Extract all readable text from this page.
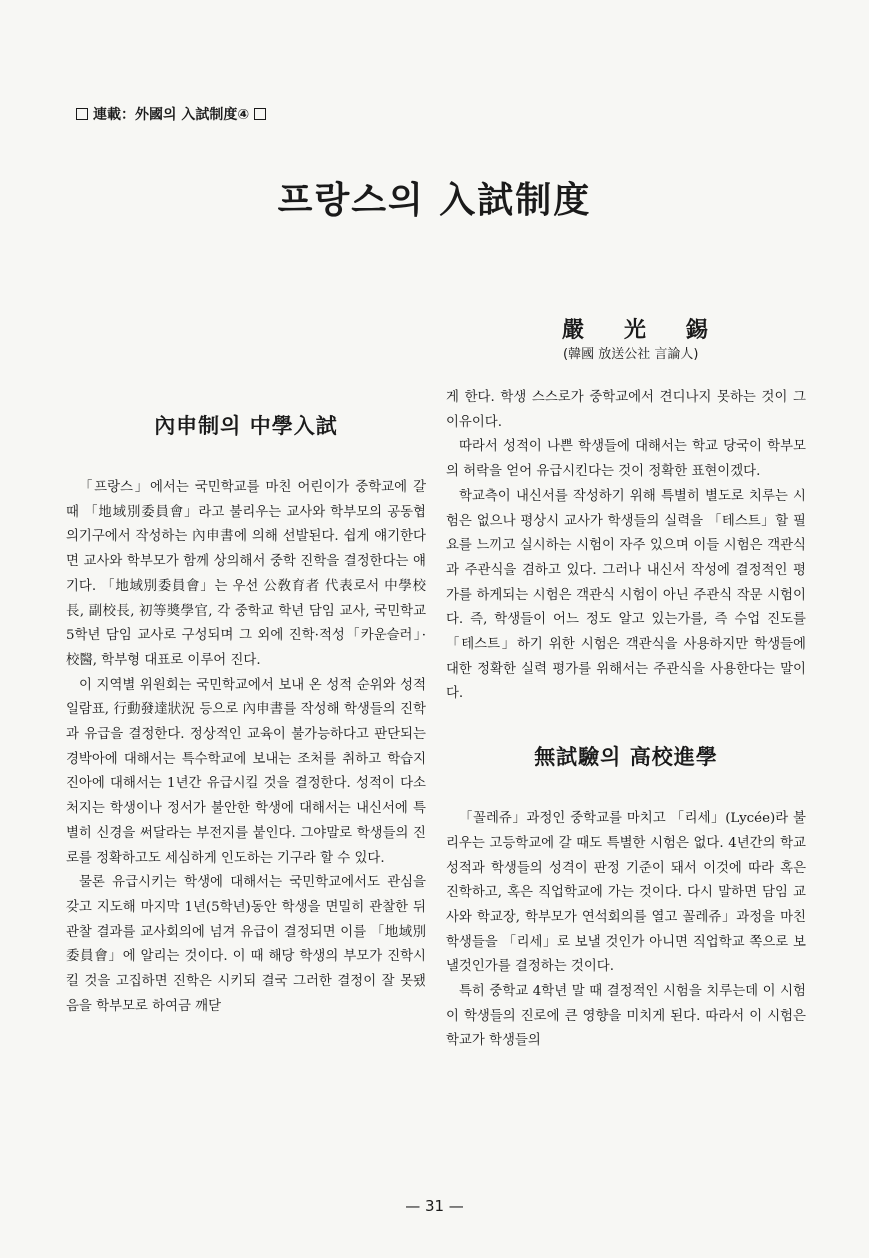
連載：外國의 入試制度④
프랑스의 入試制度
嚴光錫
(韓國 放送公社 言論人)
內申制의 中學入試

「프랑스」에서는 국민학교를 마친 어린이가 중학교에 갈 때 「地域別委員會」라고 불리우는 교사와 학부모의 공동협의기구에서 작성하는 內申書에 의해 선발된다. 쉽게 얘기한다면 교사와 학부모가 함께 상의해서 중학 진학을 결정한다는 얘기다. 「地域別委員會」는 우선 公敎育者 代表로서 中學校長, 副校長, 初等奬學官, 각 중학교 학년 담임 교사, 국민학교 5학년 담임 교사로 구성되며 그 외에 진학·적성「카운슬러」·校醫, 학부형 대표로 이루어 진다.

이 지역별 위원회는 국민학교에서 보내 온 성적 순위와 성적 일람표, 行動發達狀況 등으로 內申書를 작성해 학생들의 진학과 유급을 결정한다. 정상적인 교육이 불가능하다고 판단되는 경박아에 대해서는 특수학교에 보내는 조처를 취하고 학습지진아에 대해서는 1년간 유급시킬 것을 결정한다. 성적이 다소 처지는 학생이나 정서가 불안한 학생에 대해서는 내신서에 특별히 신경을 써달라는 부전지를 붙인다. 그야말로 학생들의 진로를 정확하고도 세심하게 인도하는 기구라 할 수 있다.

물론 유급시키는 학생에 대해서는 국민학교에서도 관심을 갖고 지도해 마지막 1년(5학년)동안 학생을 면밀히 관찰한 뒤 관찰 결과를 교사회의에 넘겨 유급이 결정되면 이를 「地域別委員會」에 알리는 것이다. 이 때 해당 학생의 부모가 진학시킬 것을 고집하면 진학은 시키되 결국 그러한 결정이 잘 못됐음을 학부모로 하여금 깨닫

게 한다. 학생 스스로가 중학교에서 견디나지 못하는 것이 그 이유이다.

따라서 성적이 나쁜 학생들에 대해서는 학교 당국이 학부모의 허락을 얻어 유급시킨다는 것이 정확한 표현이겠다.

학교측이 내신서를 작성하기 위해 특별히 별도로 치루는 시험은 없으나 평상시 교사가 학생들의 실력을 「테스트」할 필요를 느끼고 실시하는 시험이 자주 있으며 이들 시험은 객관식과 주관식을 겸하고 있다. 그러나 내신서 작성에 결정적인 평가를 하게되는 시험은 객관식 시험이 아닌 주관식 작문 시험이다. 즉, 학생들이 어느 정도 알고 있는가를, 즉 수업 진도를 「테스트」하기 위한 시험은 객관식을 사용하지만 학생들에 대한 정확한 실력 평가를 위해서는 주관식을 사용한다는 말이다.

無試驗의 高校進學

「꼴레쥬」과정인 중학교를 마치고 「리세」(Lycée)라 불리우는 고등학교에 갈 때도 특별한 시험은 없다. 4년간의 학교성적과 학생들의 성격이 판정 기준이 돼서 이것에 따라 혹은 진학하고, 혹은 직업학교에 가는 것이다. 다시 말하면 담임 교사와 학교장, 학부모가 연석회의를 열고 꼴레쥬」과정을 마친 학생들을 「리세」로 보낼 것인가 아니면 직업학교 쪽으로 보낼것인가를 결정하는 것이다.

특히 중학교 4학년 말 때 결정적인 시험을 치루는데 이 시험이 학생들의 진로에 큰 영향을 미치게 된다. 따라서 이 시험은 학교가 학생들의

— 31 —
